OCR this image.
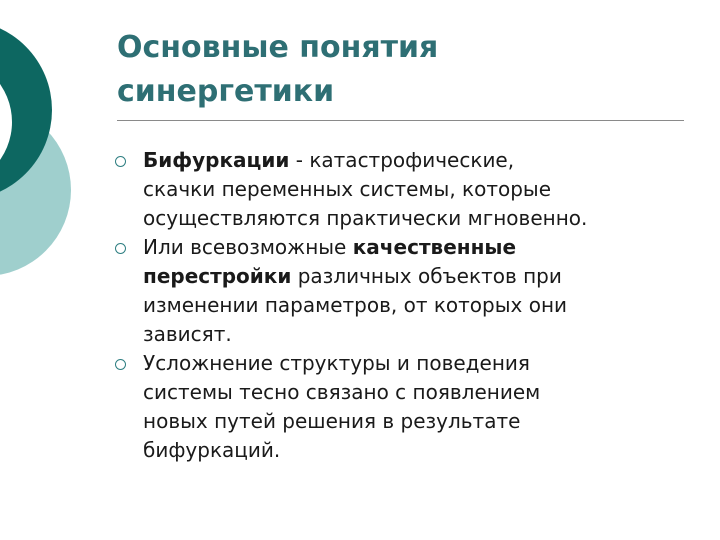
Основные понятия
синергетики
Бифуркации - катастрофические,
скачки переменных системы, которые
осуществляются практически мгновенно.
Или всевозможные качественные
перестройки различных объектов при
изменении параметров, от которых они
зависят.
Усложнение структуры и поведения
системы тесно связано с появлением
новых путей решения в результате
бифуркаций.
